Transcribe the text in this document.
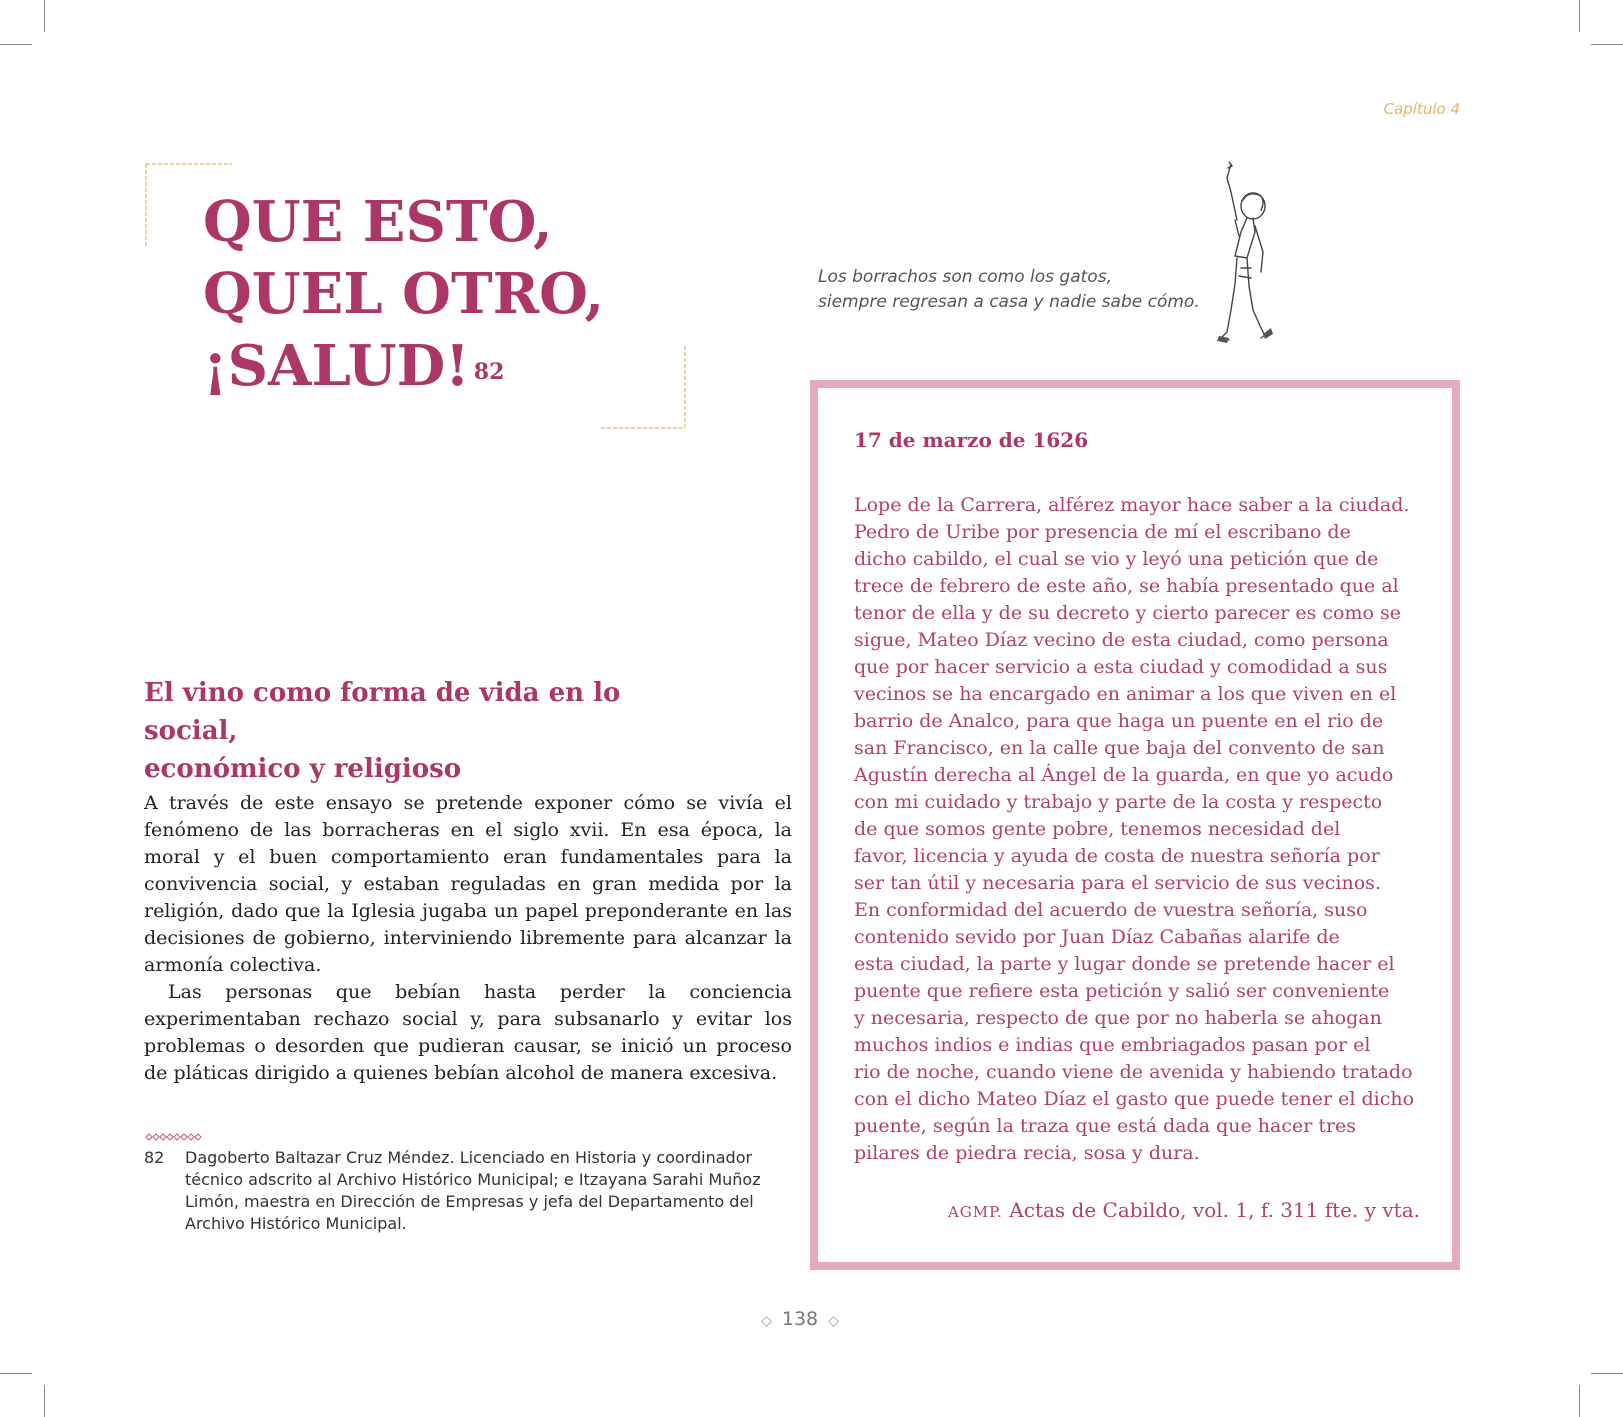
Capítulo 4
QUE ESTO,
QUEL OTRO,
¡SALUD! $^{82}$
Los borrachos son como los gatos,
siempre regresan a casa y nadie sabe cómo.
El vino como forma de vida en lo social,
económico y religioso

A través de este ensayo se pretende exponer cómo se vivía el fenómeno de las borracheras en el siglo xvii. En esa época, la moral y el buen comportamiento eran fundamentales para la convivencia social, y estaban reguladas en gran medida por la religión, dado que la Iglesia jugaba un papel preponderante en las decisiones de gobierno, interviniendo libremente para alcanzar la armonía colectiva.

Las personas que bebían hasta perder la conciencia experimentaban rechazo social y, para subsanarlo y evitar los problemas o desorden que pudieran causar, se inició un proceso de pláticas dirigido a quienes bebían alcohol de manera excesiva.

82 Dagoberto Baltazar Cruz Méndez. Licenciado en Historia y coordinador técnico adscrito al Archivo Histórico Municipal; e Itzayana Sarahi Muñoz Limón, maestra en Dirección de Empresas y jefa del Departamento del Archivo Histórico Municipal.
17 de marzo de 1626
Lope de la Carrera, alférez mayor hace saber a la ciudad.
Pedro de Uribe por presencia de mí el escribano de
dicho cabildo, el cual se vio y leyó una petición que de
trece de febrero de este año, se había presentado que al
tenor de ella y de su decreto y cierto parecer es como se
sigue, Mateo Díaz vecino de esta ciudad, como persona
que por hacer servicio a esta ciudad y comodidad a sus
vecinos se ha encargado en animar a los que viven en el
barrio de Analco, para que haga un puente en el rio de
san Francisco, en la calle que baja del convento de san
Agustín derecha al Ángel de la guarda, en que yo acudo
con mi cuidado y trabajo y parte de la costa y respecto
de que somos gente pobre, tenemos necesidad del
favor, licencia y ayuda de costa de nuestra señoría por
ser tan útil y necesaria para el servicio de sus vecinos.
En conformidad del acuerdo de vuestra señoría, suso
contenido sevido por Juan Díaz Cabañas alarife de
esta ciudad, la parte y lugar donde se pretende hacer el
puente que refiere esta petición y salió ser conveniente
y necesaria, respecto de que por no haberla se ahogan
muchos indios e indias que embriagados pasan por el
rio de noche, cuando viene de avenida y habiendo tratado
con el dicho Mateo Díaz el gasto que puede tener el dicho
puente, según la traza que está dada que hacer tres
pilares de piedra recia, sosa y dura.
AGMP. Actas de Cabildo, vol. 1, f. 311 fte. y vta.
◇ 138 ◇
